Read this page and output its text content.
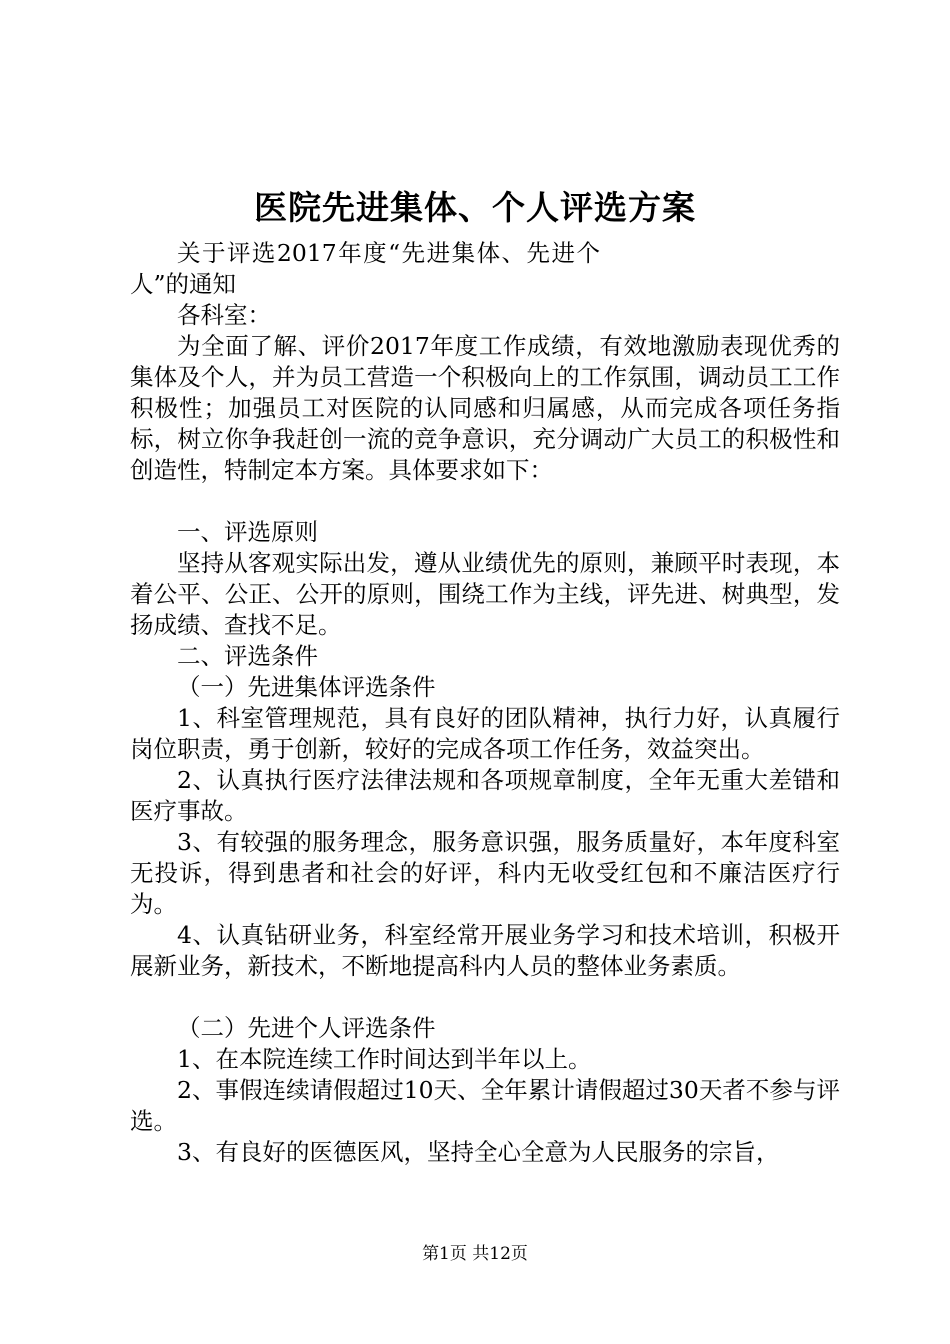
医院先进集体、个人评选方案

关于评选2017年度“先进集体、先进个人”的通知

各科室：

为全面了解、评价2017年度工作成绩，有效地激励表现优秀的集体及个人，并为员工营造一个积极向上的工作氛围，调动员工工作积极性；加强员工对医院的认同感和归属感，从而完成各项任务指标，树立你争我赶创一流的竞争意识，充分调动广大员工的积极性和创造性，特制定本方案。具体要求如下：

一、评选原则

坚持从客观实际出发，遵从业绩优先的原则，兼顾平时表现，本着公平、公正、公开的原则，围绕工作为主线，评先进、树典型，发扬成绩、查找不足。

二、评选条件

（一）先进集体评选条件

1、科室管理规范，具有良好的团队精神，执行力好，认真履行岗位职责，勇于创新，较好的完成各项工作任务，效益突出。

2、认真执行医疗法律法规和各项规章制度，全年无重大差错和医疗事故。

3、有较强的服务理念，服务意识强，服务质量好，本年度科室无投诉，得到患者和社会的好评，科内无收受红包和不廉洁医疗行为。

4、认真钻研业务，科室经常开展业务学习和技术培训，积极开展新业务，新技术，不断地提高科内人员的整体业务素质。

（二）先进个人评选条件

1、在本院连续工作时间达到半年以上。

2、事假连续请假超过10天、全年累计请假超过30天者不参与评选。

3、有良好的医德医风，坚持全心全意为人民服务的宗旨，

第1页 共12页
